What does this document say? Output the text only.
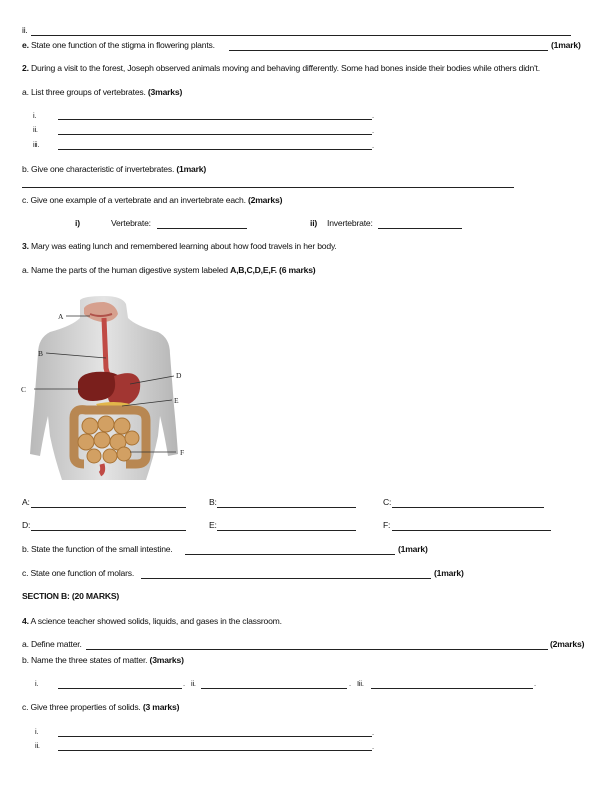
ii.
e. State one function of the stigma in flowering plants.	(1mark)
2. During a visit to the forest, Joseph observed animals moving and behaving differently. Some had bones inside their bodies while others didn't.
a. List three groups of vertebrates. (3marks)
i.	.
ii.	.
iii.	.
b. Give one characteristic of invertebrates. (1mark)
c. Give one example of a vertebrate and an invertebrate each. (2marks)
i)	Vertebrate:	ii) Invertebrate:
3. Mary was eating lunch and remembered learning about how food travels in her body.
a. Name the parts of the human digestive system labeled A,B,C,D,E,F. (6 marks)
A
B
C
D
E
F
A:	B:	C:
D:	E:	F:
b. State the function of the small intestine.	(1mark)
c. State one function of molars.	(1mark)
SECTION B: (20 MARKS)
4. A science teacher showed solids, liquids, and gases in the classroom.
a. Define matter.	(2marks)
b. Name the three states of matter. (3marks)
i.	. ii.	. Iii.	.
c. Give three properties of solids. (3 marks)
i.	.
ii.	.
